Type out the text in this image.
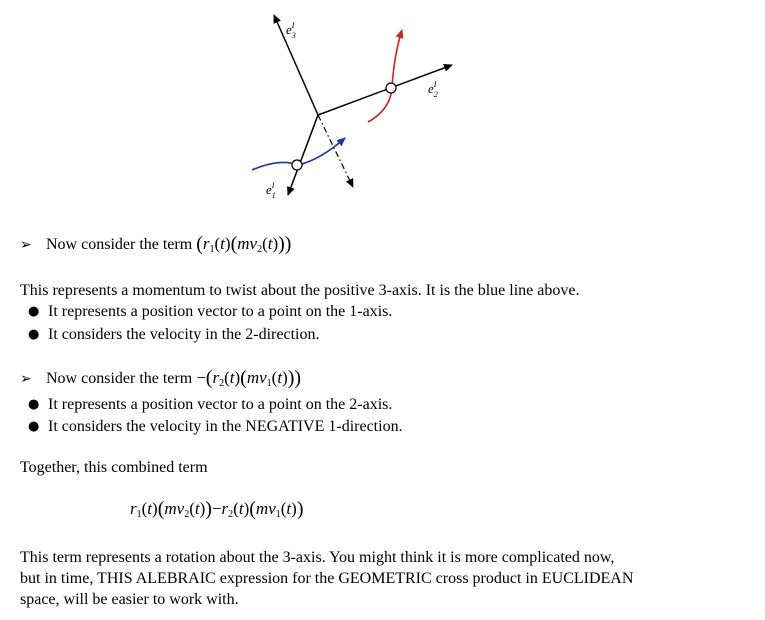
$e_3I$
$e_2I$
$e_1I$
➢ Now consider the term $(r_1(t)(mv_2(t)))$
This represents a momentum to twist about the positive 3-axis. It is the blue line above.
● It represents a position vector to a point on the 1-axis.
● It considers the velocity in the 2-direction.
➢ Now consider the term $-(r_2(t)(mv_1(t)))$
● It represents a position vector to a point on the 2-axis.
● It considers the velocity in the NEGATIVE 1-direction.
Together, this combined term
$r_1(t)(mv_2(t))-r_2(t)(mv_1(t))$
This term represents a rotation about the 3-axis. You might think it is more complicated now,
but in time, THIS ALEBRAIC expression for the GEOMETRIC cross product in EUCLIDEAN
space, will be easier to work with.
